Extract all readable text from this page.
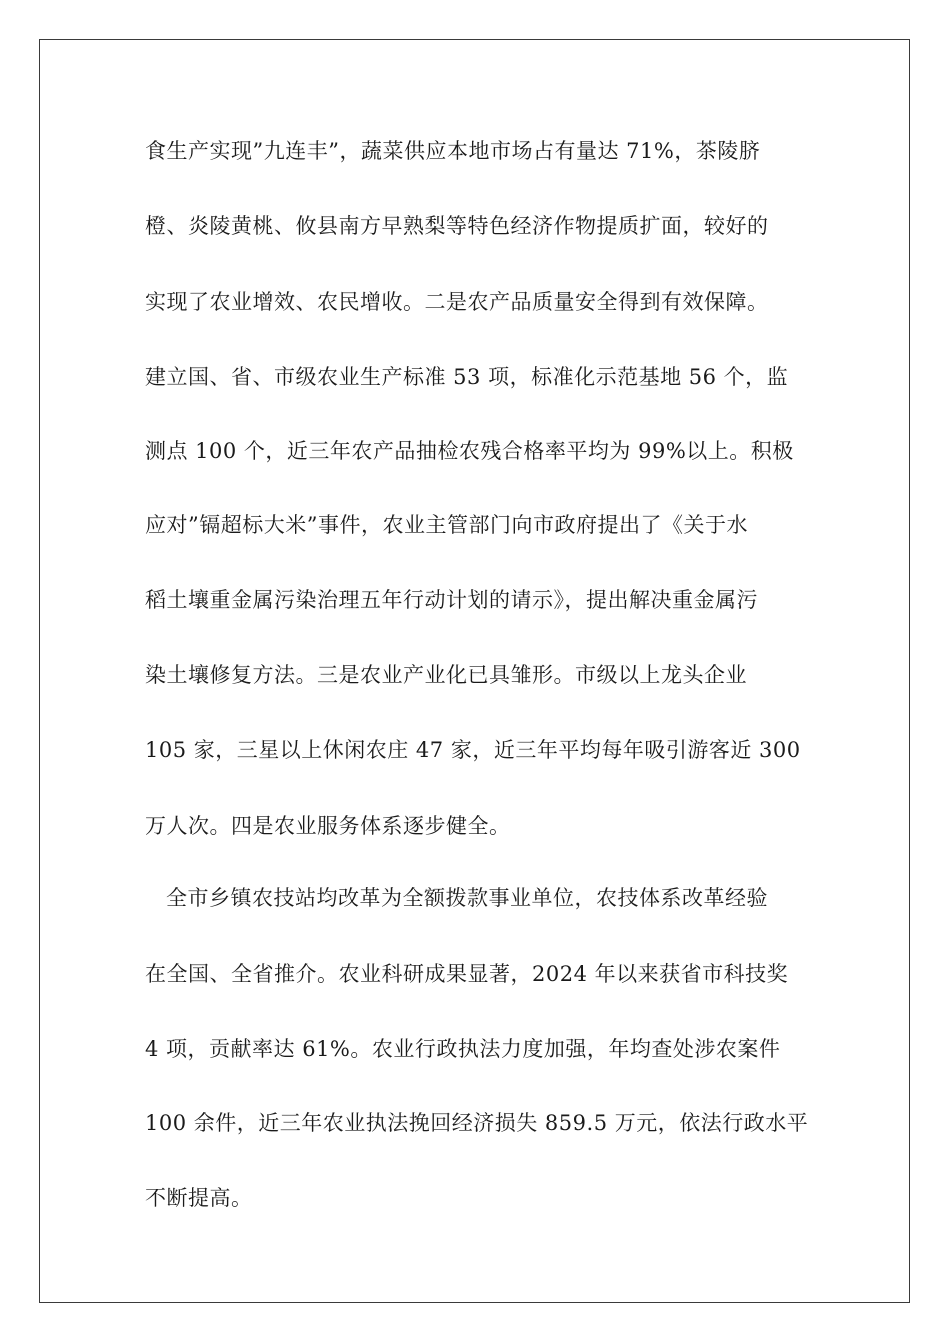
食生产实现”九连丰”，蔬菜供应本地市场占有量达 71%，茶陵脐
橙、炎陵黄桃、攸县南方早熟梨等特色经济作物提质扩面，较好的
实现了农业增效、农民增收。二是农产品质量安全得到有效保障。
建立国、省、市级农业生产标准 53 项，标准化示范基地 56 个，监
测点 100 个，近三年农产品抽检农残合格率平均为 99%以上。积极
应对”镉超标大米”事件，农业主管部门向市政府提出了《关于水
稻土壤重金属污染治理五年行动计划的请示》，提出解决重金属污
染土壤修复方法。三是农业产业化已具雏形。市级以上龙头企业
105 家，三星以上休闲农庄 47 家，近三年平均每年吸引游客近 300
万人次。四是农业服务体系逐步健全。
全市乡镇农技站均改革为全额拨款事业单位，农技体系改革经验
在全国、全省推介。农业科研成果显著，2024 年以来获省市科技奖
4 项，贡献率达 61%。农业行政执法力度加强，年均查处涉农案件
100 余件，近三年农业执法挽回经济损失 859.5 万元，依法行政水平
不断提高。
